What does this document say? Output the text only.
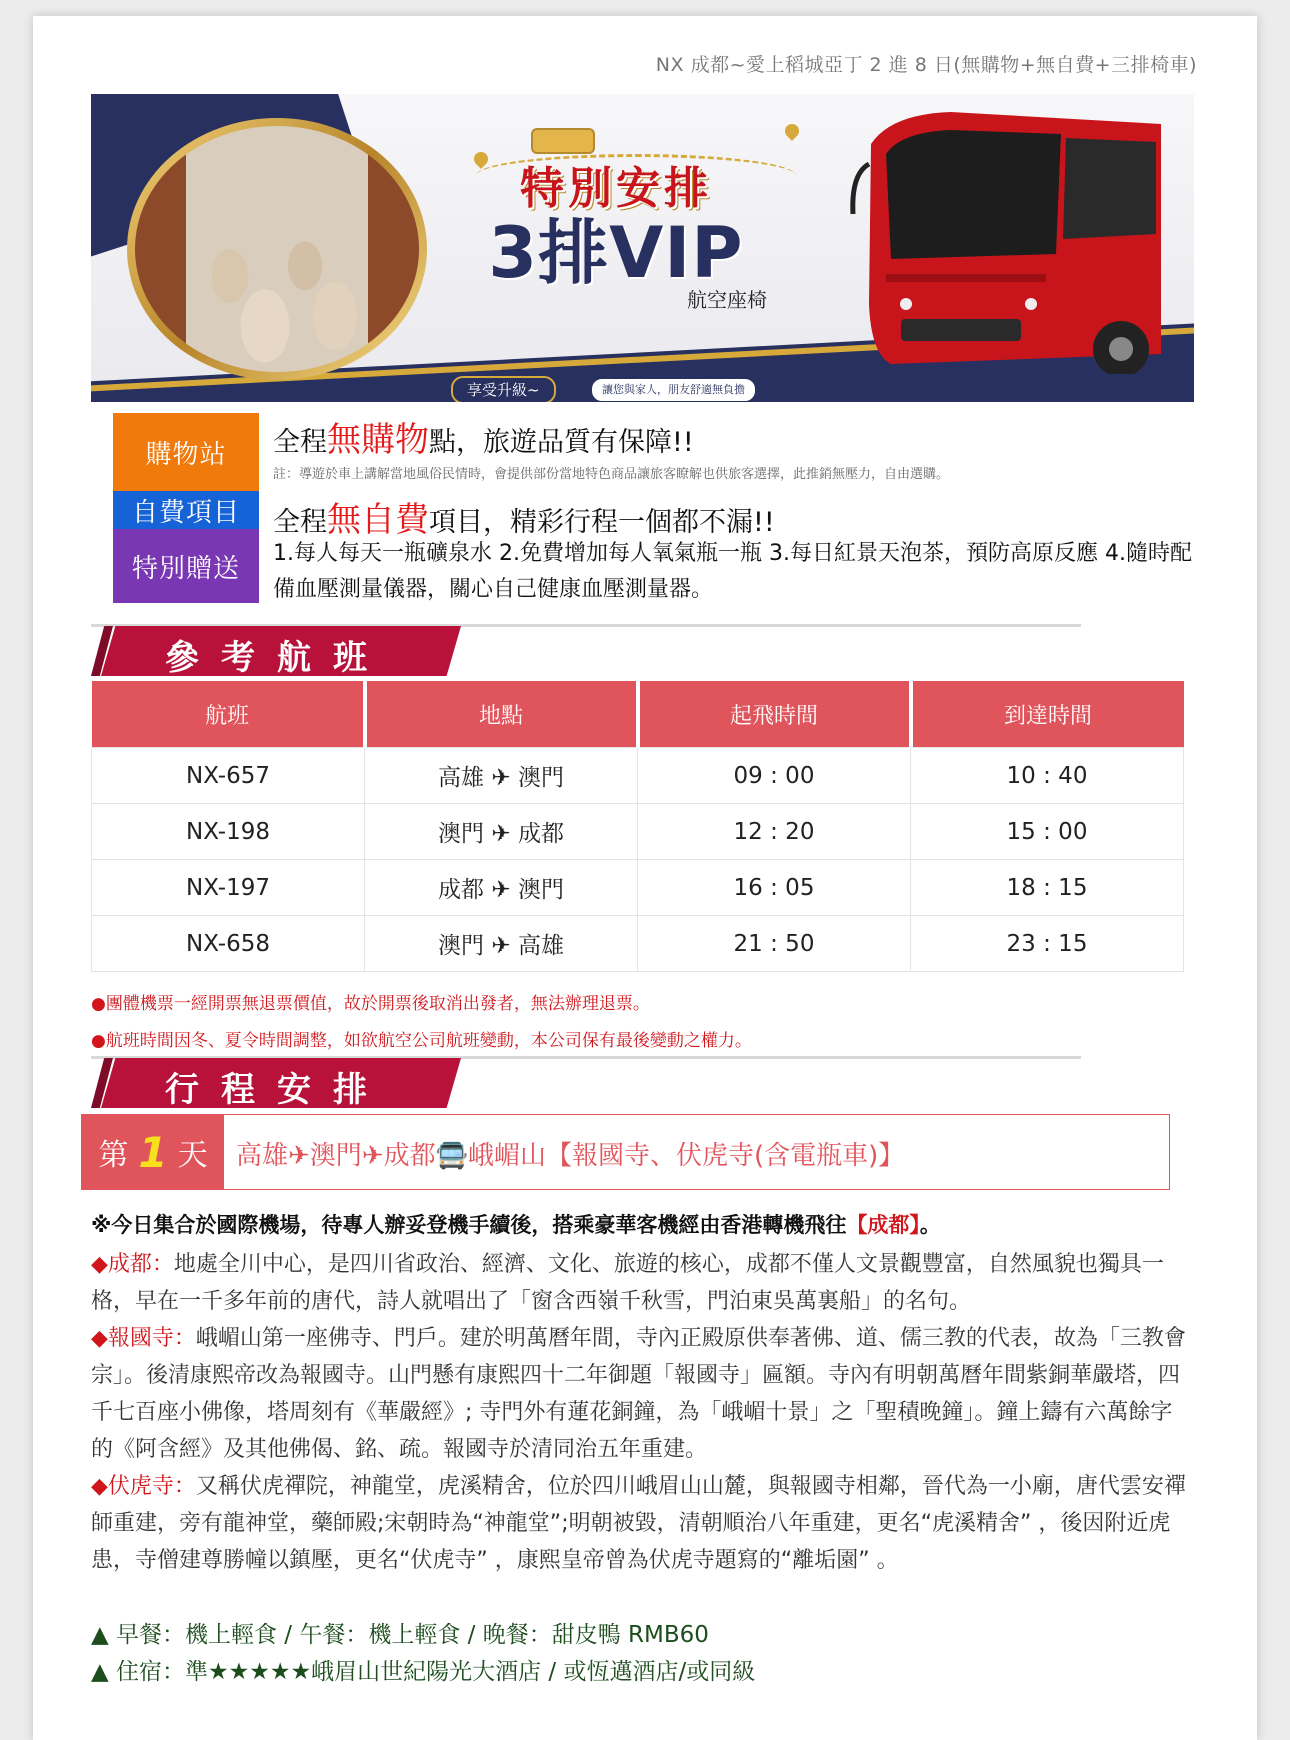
NX 成都~愛上稻城亞丁 2 進 8 日(無購物+無自費+三排椅車)
特別安排
3排VIP
航空座椅
享受升級~	讓您與家人，朋友舒適無負擔
購物站
自費項目
特別贈送
全程無購物點，旅遊品質有保障!!
註：導遊於車上講解當地風俗民情時，會提供部份當地特色商品讓旅客瞭解也供旅客選擇，此推銷無壓力，自由選購。
全程無自費項目，精彩行程一個都不漏!!
1.每人每天一瓶礦泉水 2.免費增加每人氧氣瓶一瓶 3.每日紅景天泡茶，預防高原反應 4.隨時配備血壓測量儀器，關心自己健康血壓測量器。
參考航班
航班	地點	起飛時間	到達時間
NX-657	高雄 ✈ 澳門	09 : 00	10 : 40
NX-198	澳門 ✈ 成都	12 : 20	15 : 00
NX-197	成都 ✈ 澳門	16 : 05	18 : 15
NX-658	澳門 ✈ 高雄	21 : 50	23 : 15
●團體機票一經開票無退票價值，故於開票後取消出發者，無法辦理退票。
●航班時間因冬、夏令時間調整，如欲航空公司航班變動，本公司保有最後變動之權力。
行程安排
第 1 天 高雄✈澳門✈成都🚍峨嵋山【報國寺、伏虎寺(含電瓶車)】
※今日集合於國際機場，待專人辦妥登機手續後，搭乘豪華客機經由香港轉機飛往【成都】。
◆成都：地處全川中心，是四川省政治、經濟、文化、旅遊的核心，成都不僅人文景觀豐富，自然風貌也獨具一格，早在一千多年前的唐代，詩人就唱出了「窗含西嶺千秋雪，門泊東吳萬裏船」的名句。
◆報國寺：峨嵋山第一座佛寺、門戶。建於明萬曆年間，寺內正殿原供奉著佛、道、儒三教的代表，故為「三教會宗」。後清康熙帝改為報國寺。山門懸有康熙四十二年御題「報國寺」匾額。寺內有明朝萬曆年間紫銅華嚴塔，四千七百座小佛像，塔周刻有《華嚴經》; 寺門外有蓮花銅鐘，為「峨嵋十景」之「聖積晚鐘」。鐘上鑄有六萬餘字的《阿含經》及其他佛偈、銘、疏。報國寺於清同治五年重建。
◆伏虎寺：又稱伏虎禪院，神龍堂，虎溪精舍，位於四川峨眉山山麓，與報國寺相鄰，晉代為一小廟，唐代雲安禪師重建，旁有龍神堂，藥師殿;宋朝時為“神龍堂”;明朝被毀，清朝順治八年重建，更名“虎溪精舍” ，後因附近虎患，寺僧建尊勝幢以鎮壓，更名“伏虎寺” ，康熙皇帝曾為伏虎寺題寫的“離垢園” 。
▲ 早餐：機上輕食 / 午餐：機上輕食 / 晚餐：甜皮鴨 RMB60
▲ 住宿：準★★★★★峨眉山世紀陽光大酒店 / 或恆邁酒店/或同級
